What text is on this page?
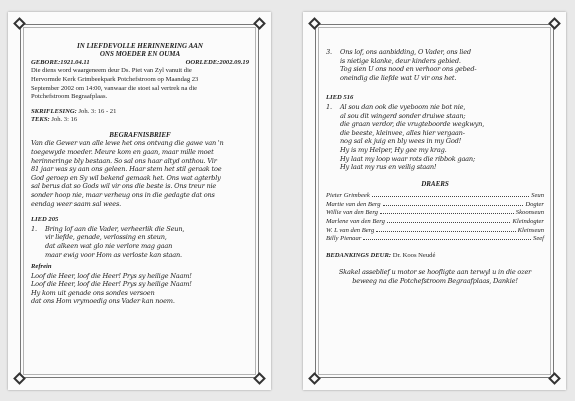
IN LIEFDEVOLLE HERINNERING AAN
ONS MOEDER EN OUMA
GEBORE:1921.04.11	OORLEDE:2002.09.19
Die diens word waargeneem deur Ds. Piet van Zyl vanuit die
Hervormde Kerk Grimbeekpark Potchefstroom op Maandag 23
September 2002 om 14:00, vanwaar die stoet sal vertrek na die
Potchefstroom Begraafplaas.
SKRIFLESING: Joh. 3: 16 - 21
TEKS: Joh. 3: 16
BEGRAFNISBRIEF
Van die Gewer van alle lewe het ons ontvang die gawe van 'n
toegewyde moeder. Meure kom en gaan, maar mille moet
herinneringe bly bestaan. So sal ons haar altyd onthou. Vir
81 jaar was sy aan ons geleen. Haar stem het stil geraak toe
God geroep en Sy wil bekend gemaak het. Ons wat agterbly
sal berus dat so Gods wil vir ons die beste is. Ons treur nie
sonder hoop nie, maar verheug ons in die gedagte dat ons
eendag weer saam sal wees.
LIED 205
1.	Bring lof aan die Vader, verheerlik die Seun,
vir liefde, genade, verlossing en steun,
dat alkeen wat glo nie verlore mag gaan
maar ewig voor Hom as verloste kan staan.
Refrein
Loof die Heer, loof die Heer! Prys sy heilige Naam!
Loof die Heer, loof die Heer! Prys sy heilige Naam!
Hy kom uit genade ons sondes versoen
dat ons Hom vrymoedig ons Vader kan noem.
3.	Ons lof, ons aanbidding, O Vader, ons lied
is nietige klanke, deur kinders gebied.
Tog sien U ons nood en verhoor ons gebed-
oneindig die liefde wat U vir ons het.
LIED 516
1.	Al sou dan ook die vyeboom nie bot nie,
al sou dit wingerd sonder druiwe staan;
die graan verdor, die vrugteboorde wegkwyn,
die beeste, kleinvee, alles hier vergaan-
nog sal ek juig en bly wees in my God!
Hy is my Helper, Hy gee my krag.
Hy laat my loop waar rots die ribbok gaan;
Hy laat my rus en veilig staan!
DRAERS
Pieter Grimbeek	Seun
Martie van den Berg	Dogter
Willie van den Berg	Skoonseun
Marlene van den Berg	Kleindogter
W. L van den Berg	Kleinseun
Billy Pienaar	Seef
BEDANKINGS DEUR: Dr. Koos Neudé
Skakel asseblief u motor se hoofligte aan terwyl u in die ozer
beweeg na die Potchefstroom Begraafplaas, Dankie!
